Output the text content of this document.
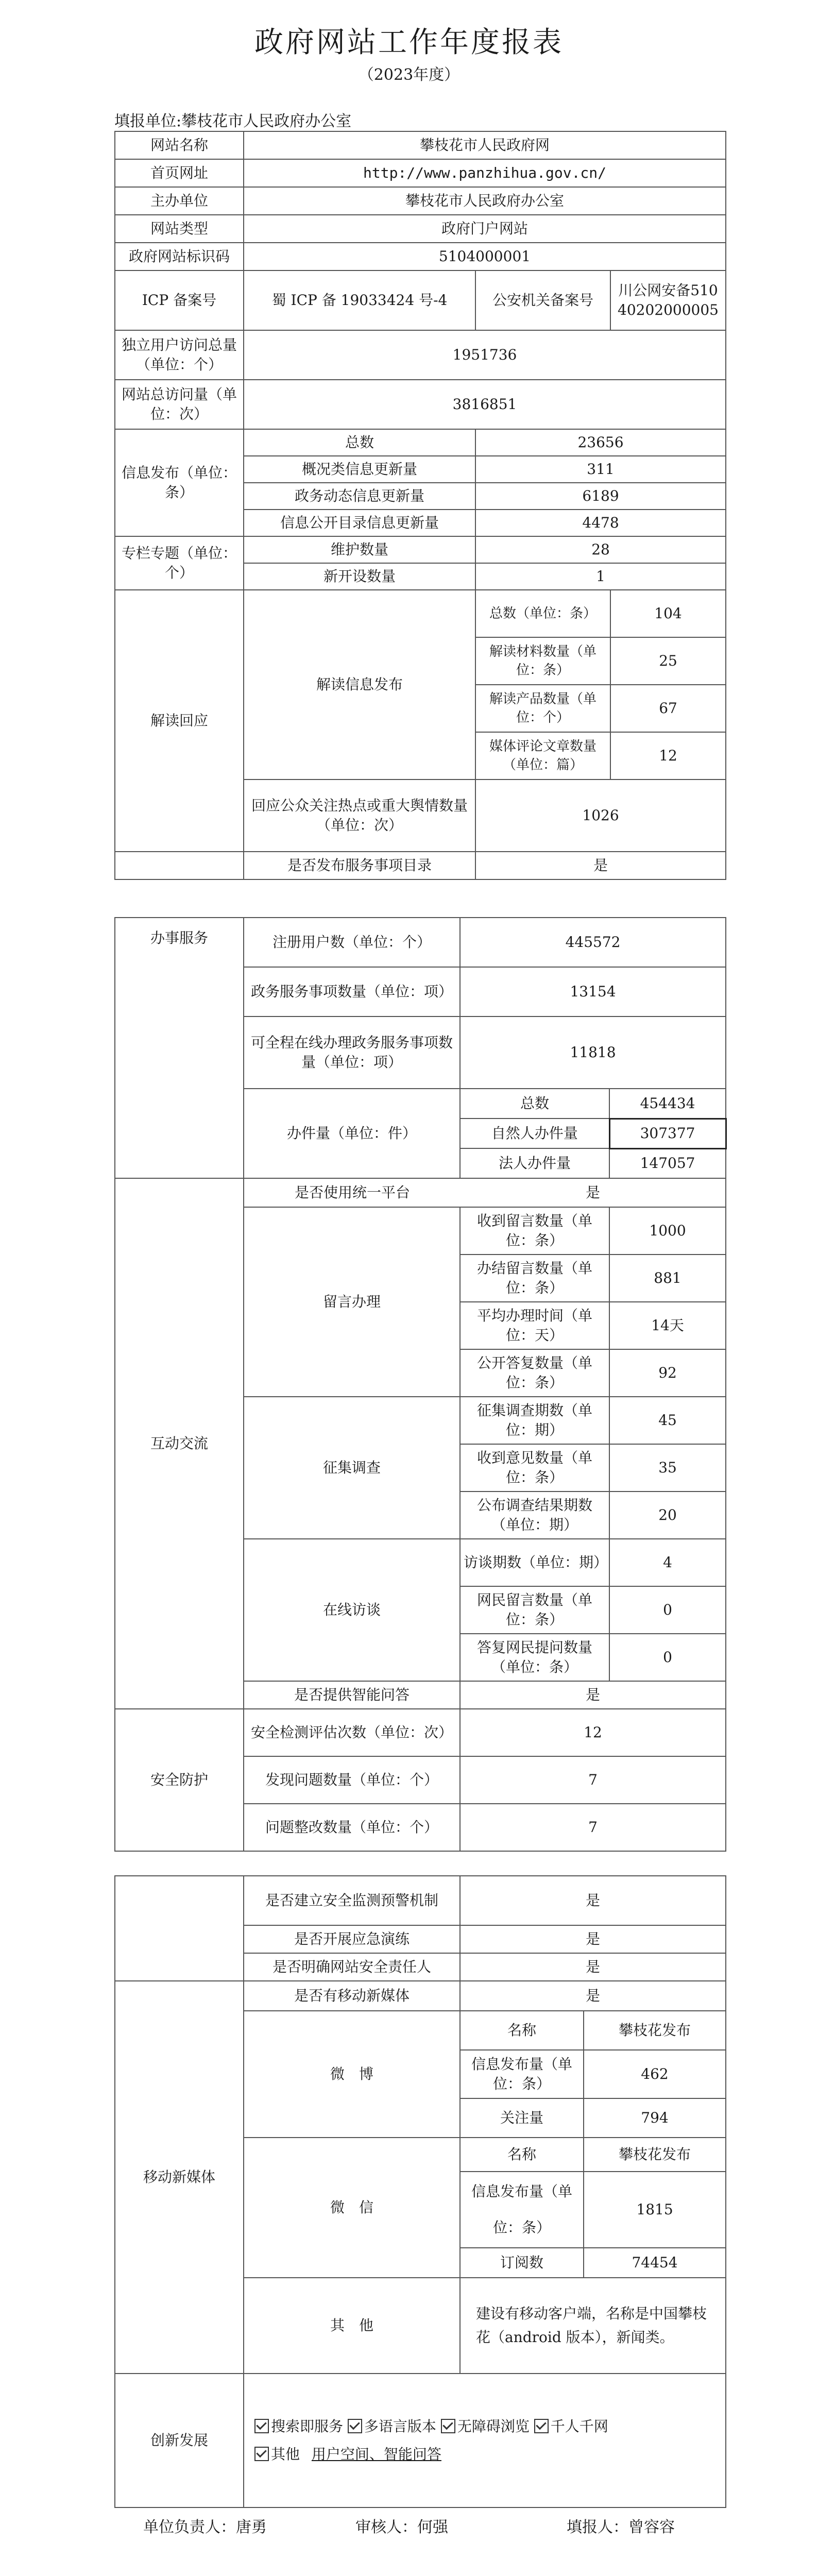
政府网站工作年度报表
（2023年度）
填报单位:攀枝花市人民政府办公室
网站名称	攀枝花市人民政府网		
首页网址	http://www.panzhihua.gov.cn/		
主办单位	攀枝花市人民政府办公室		
网站类型	政府门户网站		
政府网站标识码	5104000001		
ICP 备案号	蜀 ICP 备 19033424 号-4	公安机关备案号	川公网安备51040202000005
独立用户访问总量（单位：个）	1951736		
网站总访问量（单位：次）	3816851		
信息发布（单位：条）	总数	23656	
	概况类信息更新量	311	
	政务动态信息更新量	6189	
	信息公开目录信息更新量	4478	
专栏专题（单位：个）	维护数量	28	
	新开设数量	1	
解读回应	解读信息发布	总数（单位：条）	104
		解读材料数量（单位：条）	25
		解读产品数量（单位：个）	67
		媒体评论文章数量（单位：篇）	12
	回应公众关注热点或重大舆情数量（单位：次）	1026	
	是否发布服务事项目录	是	
办事服务	注册用户数（单位：个）	445572	
	政务服务事项数量（单位：项）	13154	
	可全程在线办理政务服务事项数量（单位：项）	11818	
	办件量（单位：件）	总数	454434
		自然人办件量	307377
		法人办件量	147057
互动交流	是否使用统一平台 是		

	留言办理	收到留言数量（单位：条）	1000
		办结留言数量（单位：条）	881
		平均办理时间（单位：天）	14天
		公开答复数量（单位：条）	92
	征集调查	征集调查期数（单位：期）	45
		收到意见数量（单位：条）	35
		公布调查结果期数（单位：期）	20
	在线访谈	访谈期数（单位：期）	4
		网民留言数量（单位：条）	0
		答复网民提问数量（单位：条）	0
	是否提供智能问答	是	

安全防护	安全检测评估次数（单位：次）	12	
	发现问题数量（单位：个）	7	
	问题整改数量（单位：个）	7	
	是否建立安全监测预警机制	是	
	是否开展应急演练	是	
	是否明确网站安全责任人	是	
移动新媒体	是否有移动新媒体	是	
	微　博	名称	攀枝花发布
		信息发布量（单位：条）	462
		关注量	794
	微　信	名称	攀枝花发布
		信息发布量（单位：条）	1815
		订阅数	74454
	其　他	建设有移动客户端，名称是中国攀枝花（android 版本），新闻类。	

创新发展	搜索即服务 多语言版本 无障碍浏览 千人千网
其他 用户空间、智能问答		
单位负责人：唐勇	审核人：何强	填报人：曾容容
